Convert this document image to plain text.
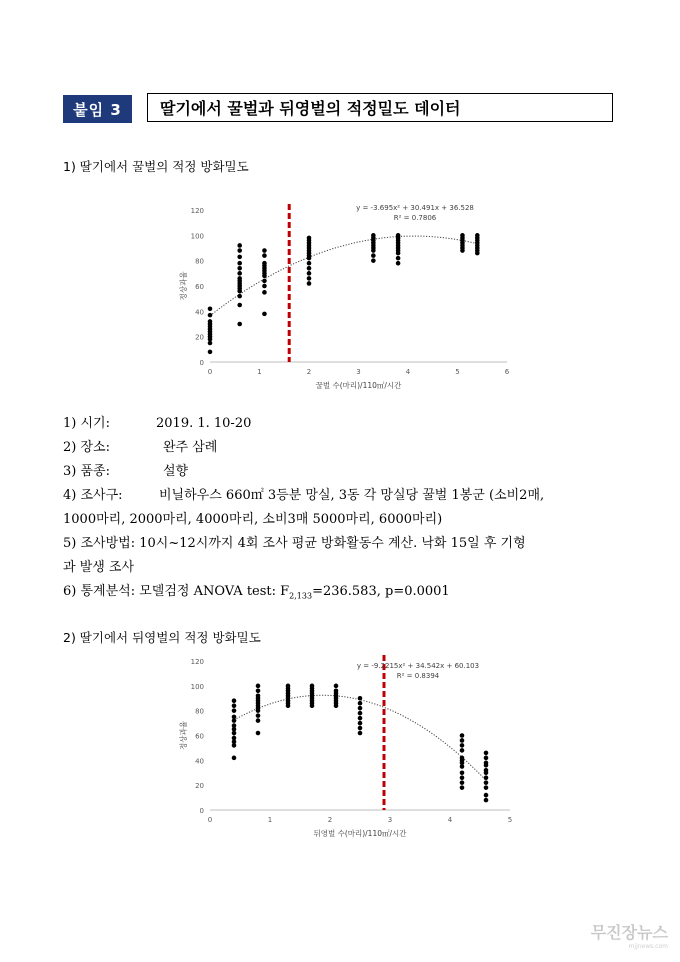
붙임 3	딸기에서 꿀벌과 뒤영벌의 적정밀도 데이터
1) 딸기에서 꿀벌의 적정 방화밀도
0
20
40
60
80
100
120
0	1	2	3	4	5	6
꿀벌 수(마리)/110㎡/시간
정상과율
y = -3.695x² + 30.491x + 36.528
R² = 0.7806
1) 시기:	2019. 1. 10-20
2) 장소:	완주 삼례
3) 품종:	설향
4) 조사구:	비닐하우스 660㎡ 3등분 망실, 3동 각 망실당 꿀벌 1봉군 (소비2매,
1000마리, 2000마리, 4000마리, 소비3매 5000마리, 6000마리)
5) 조사방법: 10시~12시까지 4회 조사 평균 방화활동수 계산. 낙화 15일 후 기형
과 발생 조사
6) 통계분석: 모델검정 ANOVA test: $F_{2,133}=236.583$, p=0.0001
2) 딸기에서 뒤영벌의 적정 방화밀도
0
20
40
60
80
100
120
0	1	2	3	4	5
뒤영벌 수(마리)/110㎡/시간
정상과율
y = -9.2215x² + 34.542x + 60.103
R² = 0.8394
무진장뉴스
mjjnews.com
